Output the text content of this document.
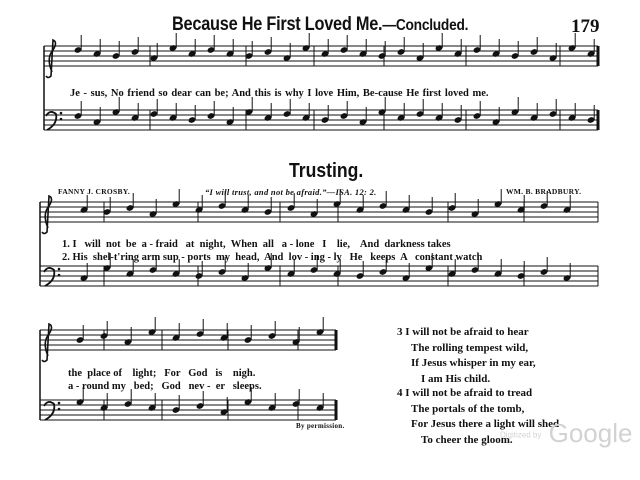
Because He First Loved Me.—Concluded.	179
Je - sus, No friend so dear can be; And this is why I love Him, Be-cause He first loved me.
Trusting.
FANNY J. CROSBY.	“I will trust, and not be afraid.”—ISA. 12: 2.	WM. B. BRADBURY.
1. I   will  not  be  a - fraid   at  night,  When  all   a - lone   I    lie,    And  darkness takes
2. His  shel-t'ring arm sup - ports  my  head,  And  lov - ing - ly   He   keeps  A   constant watch
the  place of    light;   For   God   is    nigh.
a - round my   bed;   God   nev -  er   sleeps.
By permission.
3 I will not be afraid to hear
The rolling tempest wild,
If Jesus whisper in my ear,
I am His child.
4 I will not be afraid to tread
The portals of the tomb,
For Jesus there a light will shed
To cheer the gloom.
Digitized by Google
